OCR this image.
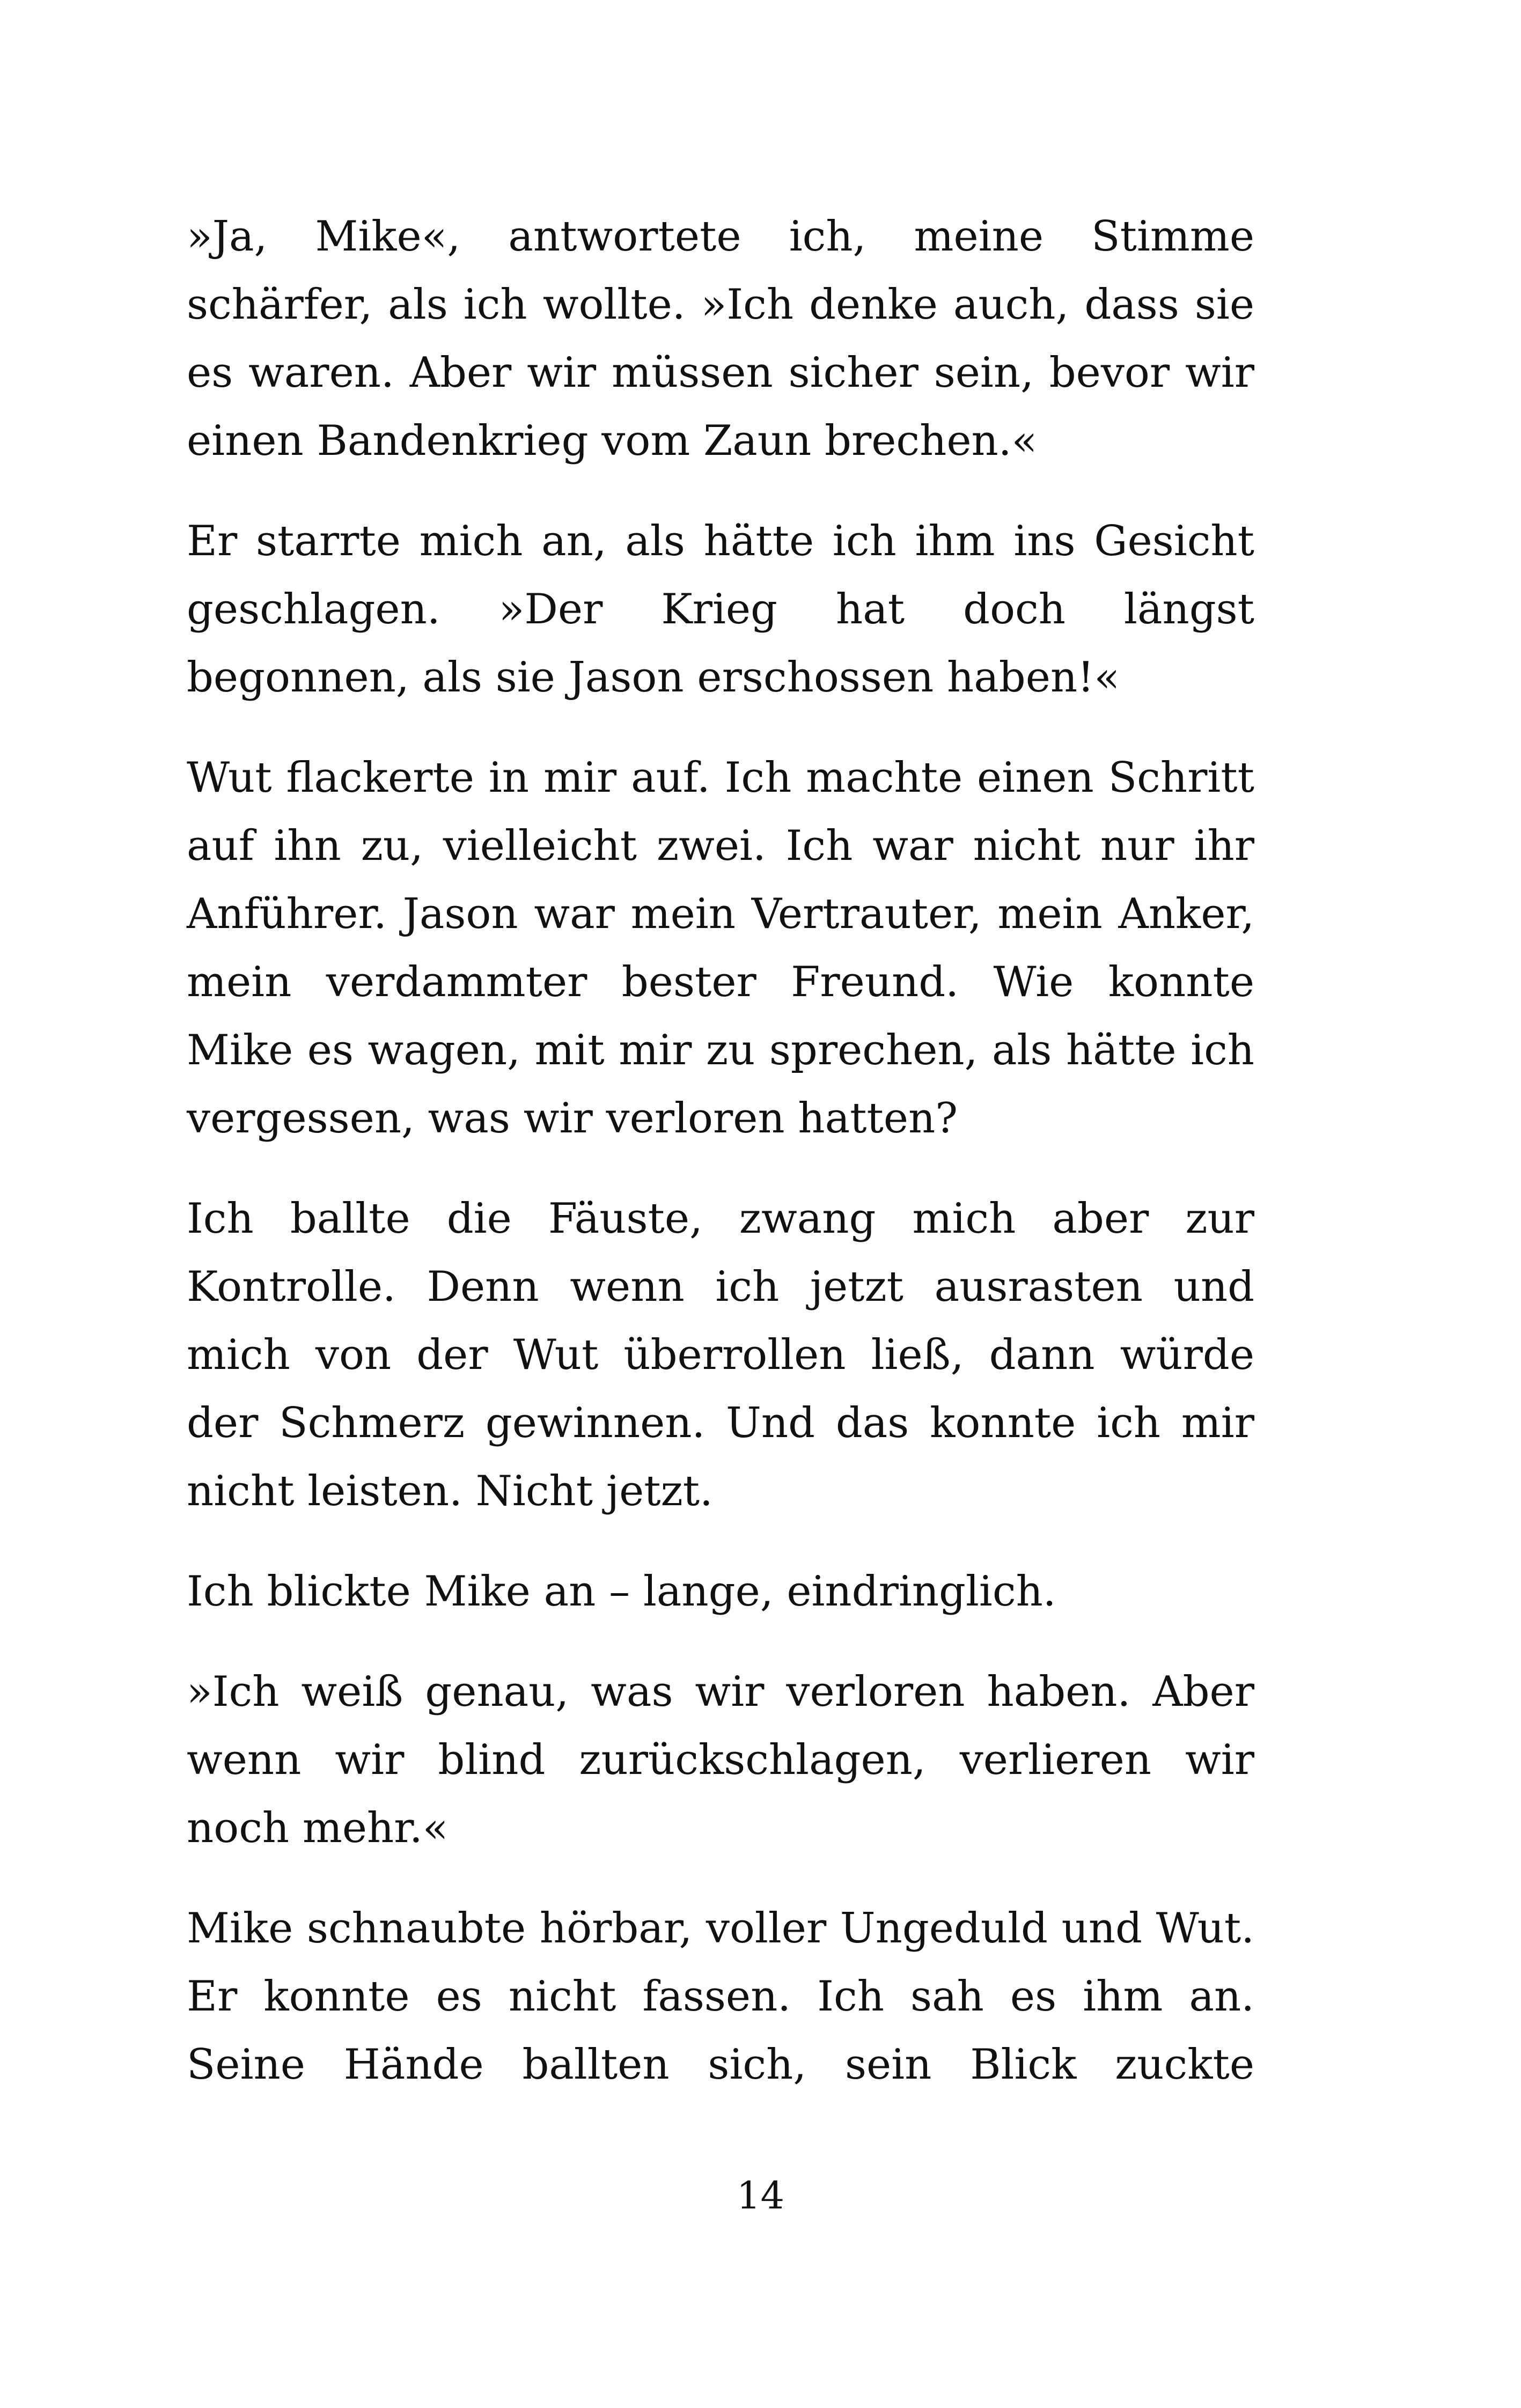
»Ja, Mike«, antwortete ich, meine Stimme schärfer, als ich wollte. »Ich denke auch, dass sie es waren. Aber wir müssen sicher sein, bevor wir einen Bandenkrieg vom Zaun brechen.«

Er starrte mich an, als hätte ich ihm ins Gesicht geschlagen. »Der Krieg hat doch längst begonnen, als sie Jason erschossen haben!«

Wut flackerte in mir auf. Ich machte einen Schritt auf ihn zu, vielleicht zwei. Ich war nicht nur ihr Anführer. Jason war mein Vertrauter, mein Anker, mein verdammter bester Freund. Wie konnte Mike es wagen, mit mir zu sprechen, als hätte ich vergessen, was wir verloren hatten?

Ich ballte die Fäuste, zwang mich aber zur Kontrolle. Denn wenn ich jetzt ausrasten und mich von der Wut überrollen ließ, dann würde der Schmerz gewinnen. Und das konnte ich mir nicht leisten. Nicht jetzt.

Ich blickte Mike an – lange, eindringlich.

»Ich weiß genau, was wir verloren haben. Aber wenn wir blind zurückschlagen, verlieren wir noch mehr.«

Mike schnaubte hörbar, voller Ungeduld und Wut. Er konnte es nicht fassen. Ich sah es ihm an. Seine Hände ballten sich, sein Blick zuckte

14
